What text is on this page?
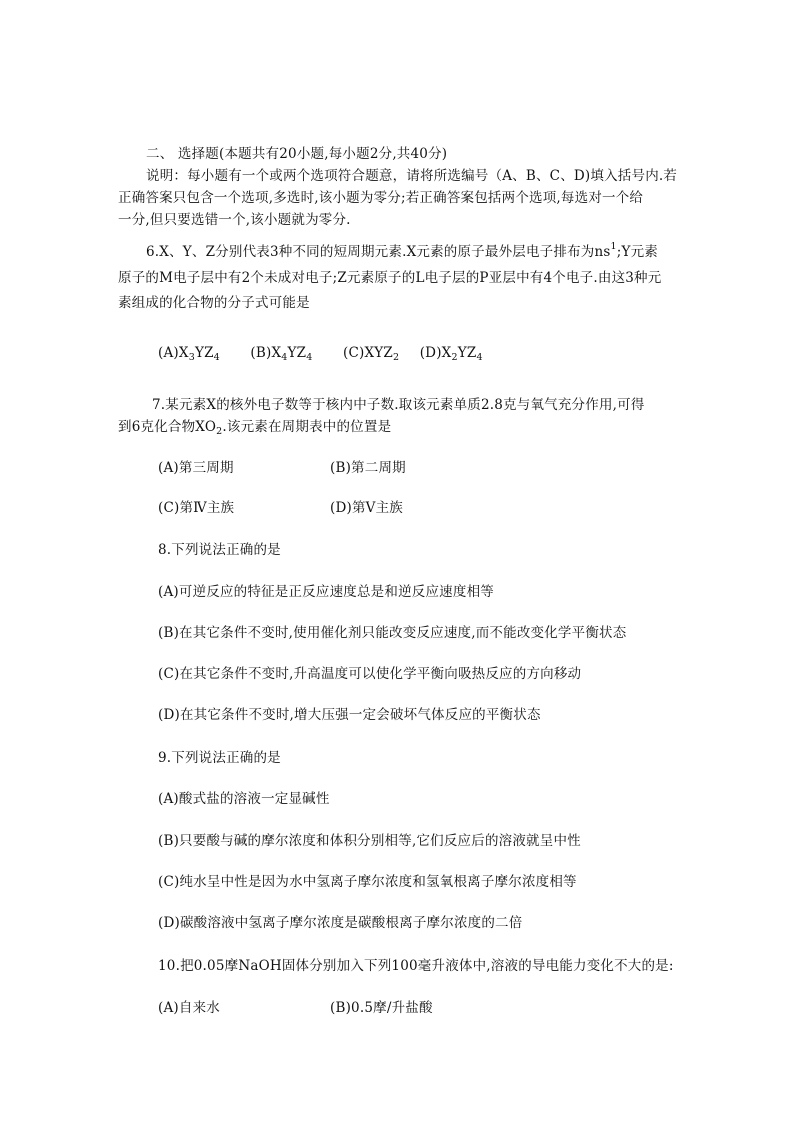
二、 选择题(本题共有20小题,每小题2分,共40分)
说明：每小题有一个或两个选项符合题意，请将所选编号（A、B、C、D)填入括号内.若
正确答案只包含一个选项,多选时,该小题为零分;若正确答案包括两个选项,每选对一个给
一分,但只要选错一个,该小题就为零分.
6.X、Y、Z分别代表3种不同的短周期元素.X元素的原子最外层电子排布为$ns^1;Y$元素
原子的M电子层中有2个未成对电子;Z元素原子的L电子层的P亚层中有4个电子.由这3种元
素组成的化合物的分子式可能是
$(A)X_3YZ_4$ $(B)X_4YZ_4$ $(C)XYZ_2$ $(D)X_2YZ_4$
7.某元素X的核外电子数等于核内中子数.取该元素单质2.8克与氧气充分作用,可得
到6克化合物$XO_2$.该元素在周期表中的位置是
(A)第三周期	(B)第二周期
(C)第Ⅳ主族	(D)第Ⅴ主族
8.下列说法正确的是
(A)可逆反应的特征是正反应速度总是和逆反应速度相等
(B)在其它条件不变时,使用催化剂只能改变反应速度,而不能改变化学平衡状态
(C)在其它条件不变时,升高温度可以使化学平衡向吸热反应的方向移动
(D)在其它条件不变时,增大压强一定会破坏气体反应的平衡状态
9.下列说法正确的是
(A)酸式盐的溶液一定显碱性
(B)只要酸与碱的摩尔浓度和体积分别相等,它们反应后的溶液就呈中性
(C)纯水呈中性是因为水中氢离子摩尔浓度和氢氧根离子摩尔浓度相等
(D)碳酸溶液中氢离子摩尔浓度是碳酸根离子摩尔浓度的二倍
10.把0.05摩NaOH固体分别加入下列100毫升液体中,溶液的导电能力变化不大的是:
(A)自来水	(B)0.5摩/升盐酸
